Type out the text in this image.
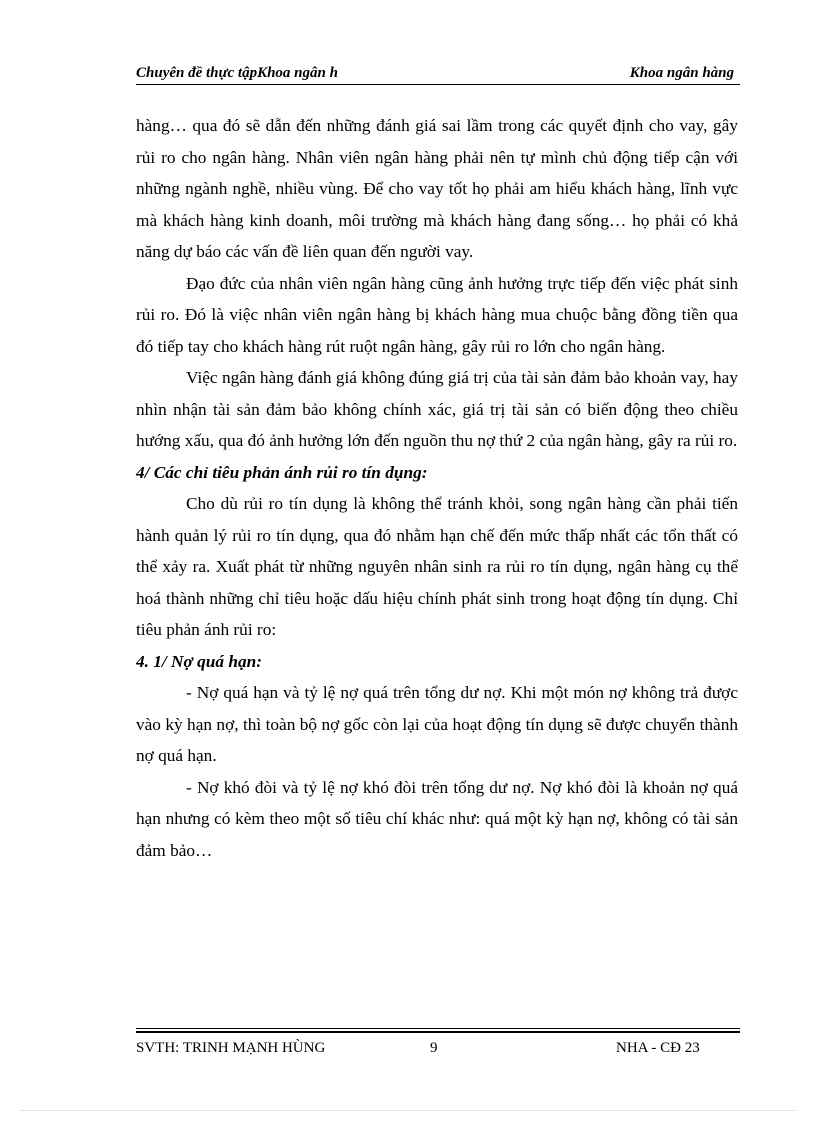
Chuyên đề thực tậpKhoa ngân h	Khoa ngân hàng

hàng… qua đó sẽ dẫn đến những đánh giá sai lầm trong các quyết định cho vay, gây rủi ro cho ngân hàng. Nhân viên ngân hàng phải nên tự mình chủ động tiếp cận với những ngành nghề, nhiều vùng. Để cho vay tốt họ phải am hiểu khách hàng, lĩnh vực mà khách hàng kinh doanh, môi trường mà khách hàng đang sống… họ phải có khả năng dự báo các vấn đề liên quan đến người vay.

Đạo đức của nhân viên ngân hàng cũng ảnh hưởng trực tiếp đến việc phát sinh rủi ro. Đó là việc nhân viên ngân hàng bị khách hàng mua chuộc bằng đồng tiền qua đó tiếp tay cho khách hàng rút ruột ngân hàng, gây rủi ro lớn cho ngân hàng.

Việc ngân hàng đánh giá không đúng giá trị của tài sản đảm bảo khoản vay, hay nhìn nhận tài sản đảm bảo không chính xác, giá trị tài sản có biến động theo chiều hướng xấu, qua đó ảnh hưởng lớn đến nguồn thu nợ thứ 2 của ngân hàng, gây ra rủi ro.

4/ Các chỉ tiêu phản ánh rủi ro tín dụng:

Cho dù rủi ro tín dụng là không thể tránh khỏi, song ngân hàng cần phải tiến hành quản lý rủi ro tín dụng, qua đó nhằm hạn chế đến mức thấp nhất các tổn thất có thể xảy ra. Xuất phát từ những nguyên nhân sinh ra rủi ro tín dụng, ngân hàng cụ thể hoá thành những chỉ tiêu hoặc dấu hiệu chính phát sinh trong hoạt động tín dụng. Chỉ tiêu phản ánh rủi ro:

4. 1/ Nợ quá hạn:

- Nợ quá hạn và tỷ lệ nợ quá trên tổng dư nợ. Khi một món nợ không trả được vào kỳ hạn nợ, thì toàn bộ nợ gốc còn lại của hoạt động tín dụng sẽ được chuyển thành nợ quá hạn.

- Nợ khó đòi và tỷ lệ nợ khó đòi trên tổng dư nợ. Nợ khó đòi là khoản nợ quá hạn nhưng có kèm theo một số tiêu chí khác như: quá một kỳ hạn nợ, không có tài sản đảm bảo…

SVTH: TRINH MẠNH HÙNG	9	NHA - CĐ 23
